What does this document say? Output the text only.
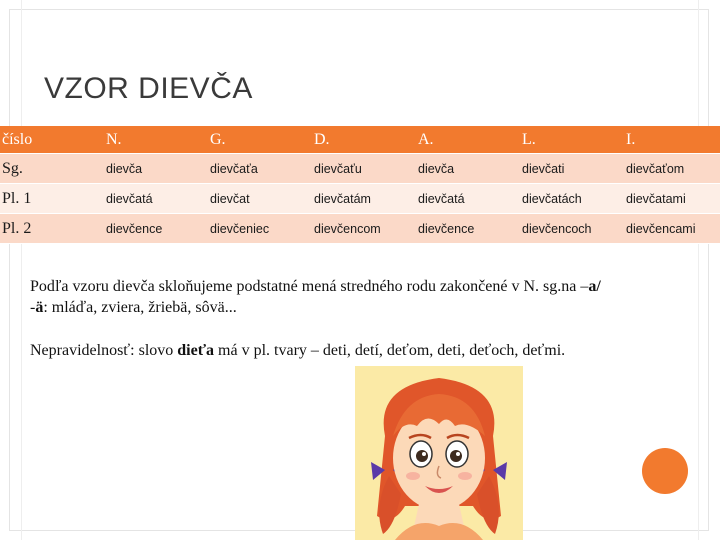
VZOR DIEVČA
číslo	N.	G.	D.	A.	L.	I.
Sg.	dievča	dievčaťa	dievčaťu	dievča	dievčati	dievčaťom
Pl. 1	dievčatá	dievčat	dievčatám	dievčatá	dievčatách	dievčatami
Pl. 2	dievčence	dievčeniec	dievčencom	dievčence	dievčencoch	dievčencami
Podľa vzoru dievča skloňujeme podstatné mená stredného rodu zakončené v N. sg.na –a/
-ä: mláďa, zviera, žriebä, sôvä...
Nepravidelnosť: slovo dieťa má v pl. tvary – deti, detí, deťom, deti, deťoch, deťmi.
